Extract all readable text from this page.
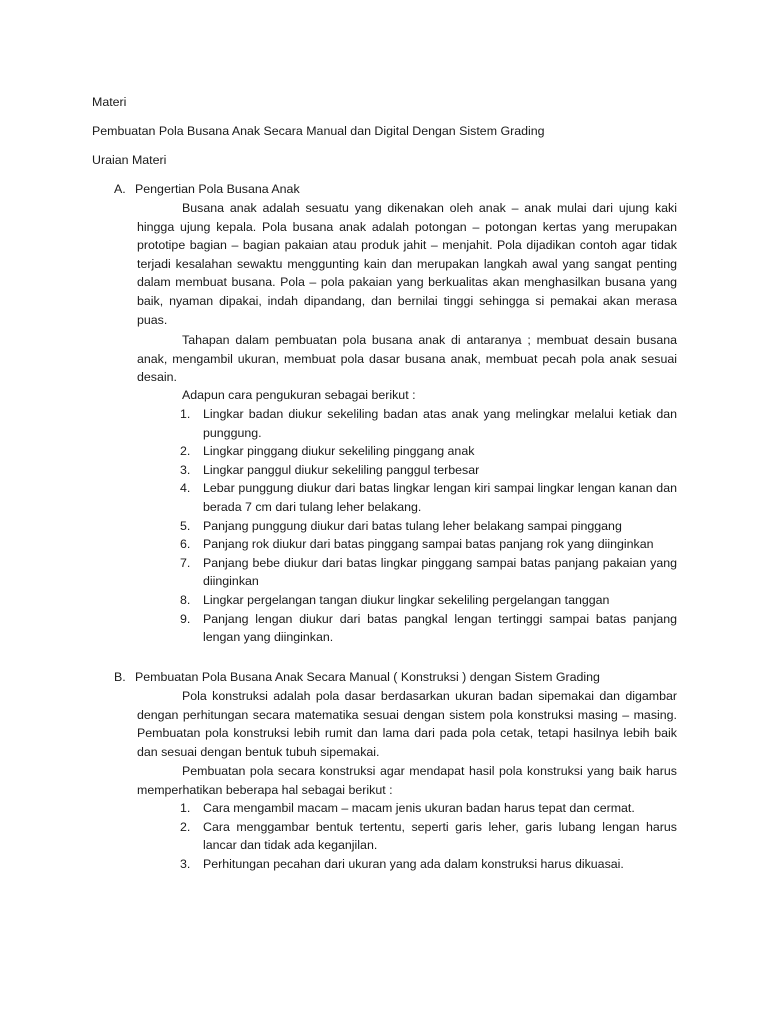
Materi
Pembuatan Pola Busana Anak Secara Manual dan Digital Dengan Sistem Grading
Uraian Materi
A. Pengertian Pola Busana Anak

Busana anak adalah sesuatu yang dikenakan oleh anak – anak mulai dari ujung kaki hingga ujung kepala. Pola busana anak adalah potongan – potongan kertas yang merupakan prototipe bagian – bagian pakaian atau produk jahit – menjahit. Pola dijadikan contoh agar tidak terjadi kesalahan sewaktu menggunting kain dan merupakan langkah awal yang sangat penting dalam membuat busana. Pola – pola pakaian yang berkualitas akan menghasilkan busana yang baik, nyaman dipakai, indah dipandang, dan bernilai tinggi sehingga si pemakai akan merasa puas.

Tahapan dalam pembuatan pola busana anak di antaranya ; membuat desain busana anak, mengambil ukuran, membuat pola dasar busana anak, membuat pecah pola anak sesuai desain.

Adapun cara pengukuran sebagai berikut :

1. Lingkar badan diukur sekeliling badan atas anak yang melingkar melalui ketiak dan punggung.
2. Lingkar pinggang diukur sekeliling pinggang anak
3. Lingkar panggul diukur sekeliling panggul terbesar
4. Lebar punggung diukur dari batas lingkar lengan kiri sampai lingkar lengan kanan dan berada 7 cm dari tulang leher belakang.
5. Panjang punggung diukur dari batas tulang leher belakang sampai pinggang
6. Panjang rok diukur dari batas pinggang sampai batas panjang rok yang diinginkan
7. Panjang bebe diukur dari batas lingkar pinggang sampai batas panjang pakaian yang diinginkan
8. Lingkar pergelangan tangan diukur lingkar sekeliling pergelangan tanggan
9. Panjang lengan diukur dari batas pangkal lengan tertinggi sampai batas panjang lengan yang diinginkan.
B. Pembuatan Pola Busana Anak Secara Manual ( Konstruksi ) dengan Sistem Grading

Pola konstruksi adalah pola dasar berdasarkan ukuran badan sipemakai dan digambar dengan perhitungan secara matematika sesuai dengan sistem pola konstruksi masing – masing. Pembuatan pola konstruksi lebih rumit dan lama dari pada pola cetak, tetapi hasilnya lebih baik dan sesuai dengan bentuk tubuh sipemakai.

Pembuatan pola secara konstruksi agar mendapat hasil pola konstruksi yang baik harus memperhatikan beberapa hal sebagai berikut :

1. Cara mengambil macam – macam jenis ukuran badan harus tepat dan cermat.
2. Cara menggambar bentuk tertentu, seperti garis leher, garis lubang lengan harus lancar dan tidak ada keganjilan.
3. Perhitungan pecahan dari ukuran yang ada dalam konstruksi harus dikuasai.
